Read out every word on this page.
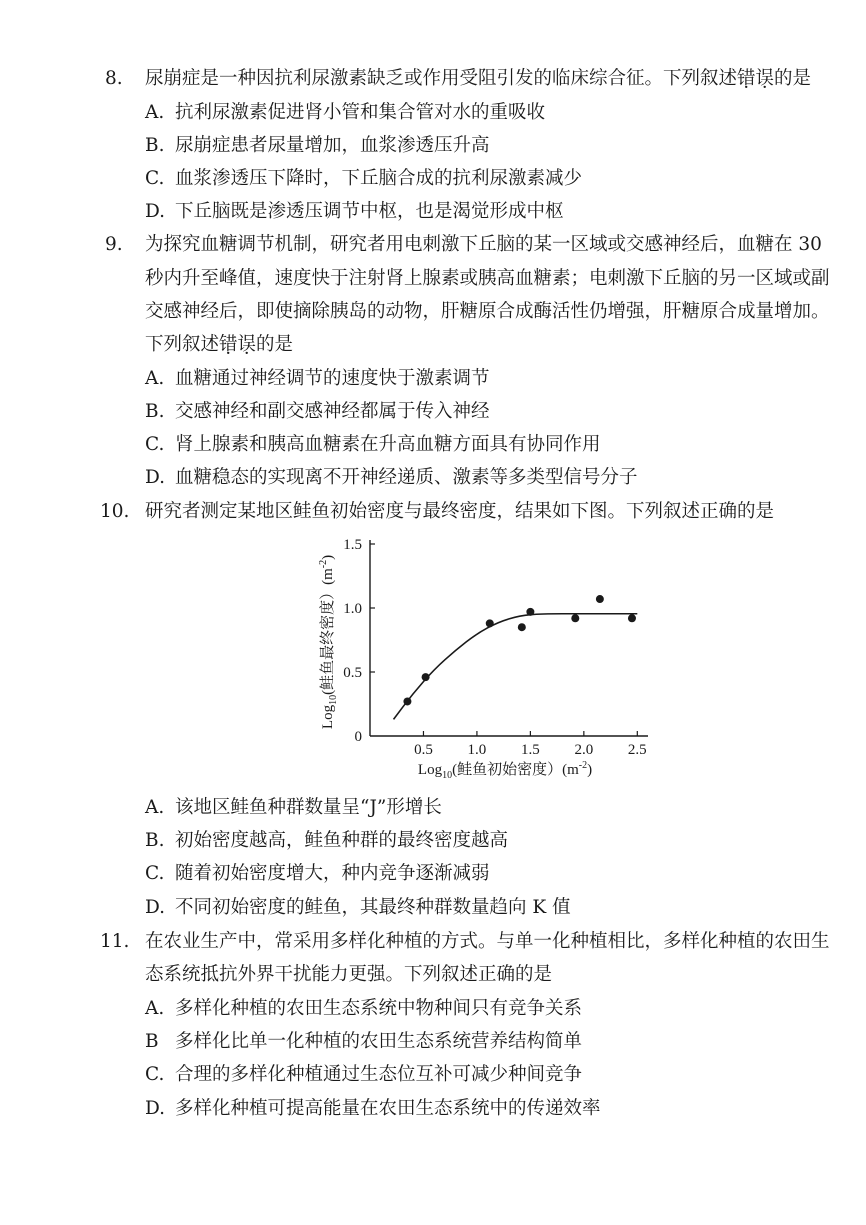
8. 尿崩症是一种因抗利尿激素缺乏或作用受阻引发的临床综合征。下列叙述错误的是
A. 抗利尿激素促进肾小管和集合管对水的重吸收
B. 尿崩症患者尿量增加，血浆渗透压升高
C. 血浆渗透压下降时，下丘脑合成的抗利尿激素减少
D. 下丘脑既是渗透压调节中枢，也是渴觉形成中枢
9. 为探究血糖调节机制，研究者用电刺激下丘脑的某一区域或交感神经后，血糖在 30
秒内升至峰值，速度快于注射肾上腺素或胰高血糖素；电刺激下丘脑的另一区域或副
交感神经后，即使摘除胰岛的动物，肝糖原合成酶活性仍增强，肝糖原合成量增加。
下列叙述错误的是
A. 血糖通过神经调节的速度快于激素调节
B. 交感神经和副交感神经都属于传入神经
C. 肾上腺素和胰高血糖素在升高血糖方面具有协同作用
D. 血糖稳态的实现离不开神经递质、激素等多类型信号分子
10. 研究者测定某地区鲑鱼初始密度与最终密度，结果如下图。下列叙述正确的是
Log$_{10}$(鲑鱼最终密度）$(m^{-2})$
0.5 1.0 1.5 2.0 2.5
0
0.5
1.0
1.5
Log$_{10}$(鲑鱼初始密度）$(m^{-2})$
A. 该地区鲑鱼种群数量呈“J”形增长
B. 初始密度越高，鲑鱼种群的最终密度越高
C. 随着初始密度增大，种内竞争逐渐减弱
D. 不同初始密度的鲑鱼，其最终种群数量趋向 K 值
11. 在农业生产中，常采用多样化种植的方式。与单一化种植相比，多样化种植的农田生
态系统抵抗外界干扰能力更强。下列叙述正确的是
A. 多样化种植的农田生态系统中物种间只有竞争关系
B 多样化比单一化种植的农田生态系统营养结构简单
C. 合理的多样化种植通过生态位互补可减少种间竞争
D. 多样化种植可提高能量在农田生态系统中的传递效率
